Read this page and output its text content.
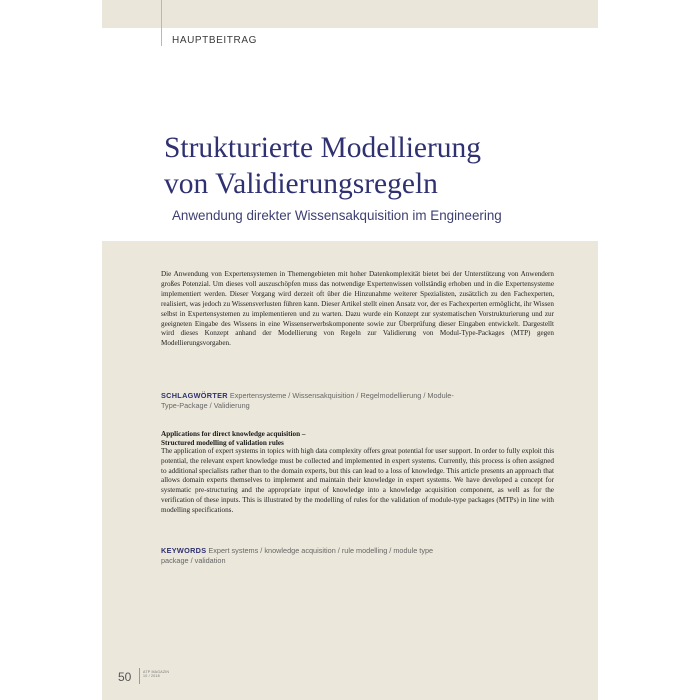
HAUPTBEITRAG
Strukturierte Modellierung
von Validierungsregeln
Anwendung direkter Wissensakquisition im Engineering

Die Anwendung von Expertensystemen in Themengebieten mit hoher Datenkomplexität bietet bei der Unterstützung von Anwendern großes Potenzial. Um dieses voll auszuschöpfen muss das notwendige Expertenwissen vollständig erhoben und in die Expertensysteme implementiert werden. Dieser Vorgang wird derzeit oft über die Hinzunahme weiterer Spezialisten, zusätzlich zu den Fachexperten, realisiert, was jedoch zu Wissensverlusten führen kann. Dieser Artikel stellt einen Ansatz vor, der es Fachexperten ermöglicht, ihr Wissen selbst in Expertensystemen zu implementieren und zu warten. Dazu wurde ein Konzept zur systematischen Vorstrukturierung und zur geeigneten Eingabe des Wissens in eine Wissenserwerbskomponente sowie zur Überprüfung dieser Eingaben entwickelt. Dargestellt wird dieses Konzept anhand der Modellierung von Regeln zur Validierung von Modul-Type-Packages (MTP) gegen Modellierungsvorgaben.

SCHLAGWÖRTER Expertensysteme / Wissensakquisition / Regelmodellierung / Module-Type-Package / Validierung

Applications for direct knowledge acquisition –
Structured modelling of validation rules

The application of expert systems in topics with high data complexity offers great potential for user support. In order to fully exploit this potential, the relevant expert knowledge must be collected and implemented in expert systems. Currently, this process is often assigned to additional specialists rather than to the domain experts, but this can lead to a loss of knowledge. This article presents an approach that allows domain experts themselves to implement and maintain their knowledge in expert systems. We have developed a concept for systematic pre-structuring and the appropriate input of knowledge into a knowledge acquisition component, as well as for the verification of these inputs. This is illustrated by the modelling of rules for the validation of module-type packages (MTPs) in line with modelling specifications.

KEYWORDS Expert systems / knowledge acquisition / rule modelling / module type package / validation

50	ATP MAGAZIN
10 / 2018
